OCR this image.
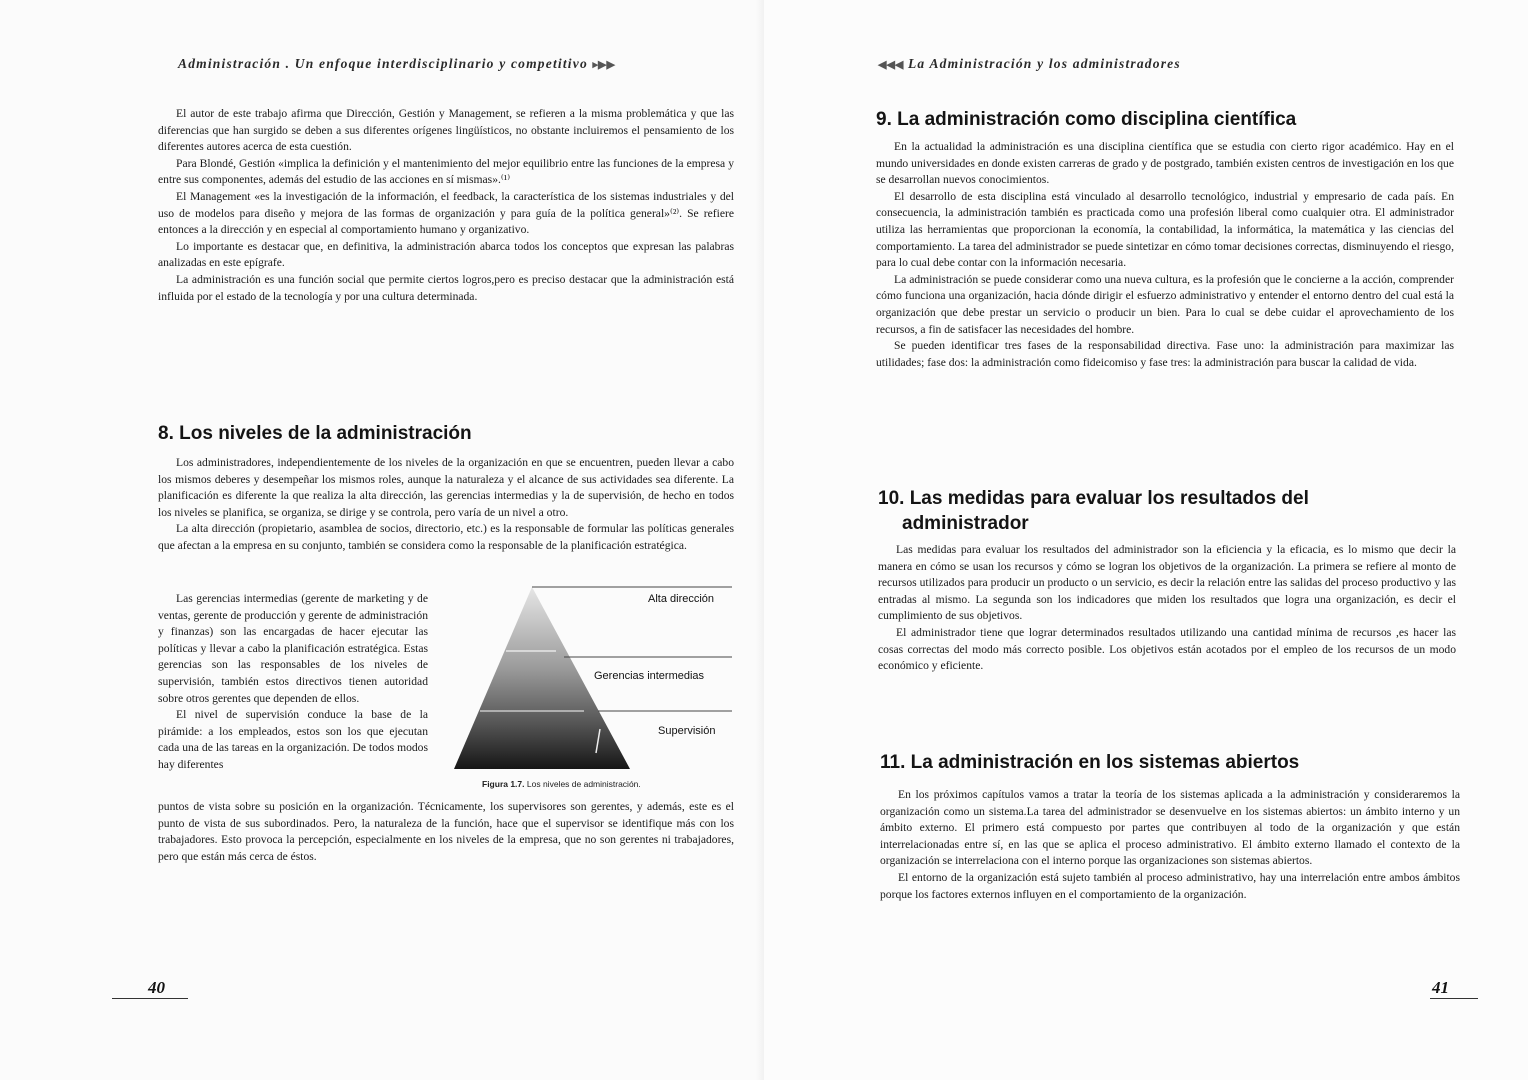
Administración . Un enfoque interdisciplinario y competitivo ▸▶▶

El autor de este trabajo afirma que Dirección, Gestión y Management, se refieren a la misma problemática y que las diferencias que han surgido se deben a sus diferentes orígenes lingüísticos, no obstante incluiremos el pensamiento de los diferentes autores acerca de esta cuestión.

Para Blondé, Gestión «implica la definición y el mantenimiento del mejor equilibrio entre las funciones de la empresa y entre sus componentes, además del estudio de las acciones en sí mismas».⁽¹⁾

El Management «es la investigación de la información, el feedback, la característica de los sistemas industriales y del uso de modelos para diseño y mejora de las formas de organización y para guía de la política general»⁽²⁾. Se refiere entonces a la dirección y en especial al comportamiento humano y organizativo.

Lo importante es destacar que, en definitiva, la administración abarca todos los conceptos que expresan las palabras analizadas en este epígrafe.

La administración es una función social que permite ciertos logros,pero es preciso destacar que la administración está influida por el estado de la tecnología y por una cultura determinada.

8. Los niveles de la administración

Los administradores, independientemente de los niveles de la organización en que se encuentren, pueden llevar a cabo los mismos deberes y desempeñar los mismos roles, aunque la naturaleza y el alcance de sus actividades sea diferente. La planificación es diferente la que realiza la alta dirección, las gerencias intermedias y la de supervisión, de hecho en todos los niveles se planifica, se organiza, se dirige y se controla, pero varía de un nivel a otro.

La alta dirección (propietario, asamblea de socios, directorio, etc.) es la responsable de formular las políticas generales que afectan a la empresa en su conjunto, también se considera como la responsable de la planificación estratégica.

Las gerencias intermedias (gerente de marketing y de ventas, gerente de producción y gerente de administración y finanzas) son las encargadas de hacer ejecutar las políticas y llevar a cabo la planificación estratégica. Estas gerencias son las responsables de los niveles de supervisión, también estos directivos tienen autoridad sobre otros gerentes que dependen de ellos.

El nivel de supervisión conduce la base de la pirámide: a los empleados, estos son los que ejecutan cada una de las tareas en la organización. De todos modos hay diferentes

Alta dirección
Gerencias intermedias
Supervisión
Figura 1.7. Los niveles de administración.

puntos de vista sobre su posición en la organización. Técnicamente, los supervisores son gerentes, y además, este es el punto de vista de sus subordinados. Pero, la naturaleza de la función, hace que el supervisor se identifique más con los trabajadores. Esto provoca la percepción, especialmente en los niveles de la empresa, que no son gerentes ni trabajadores, pero que están más cerca de éstos.

40
◀◀◀ La Administración y los administradores
9. La administración como disciplina científica

En la actualidad la administración es una disciplina científica que se estudia con cierto rigor académico. Hay en el mundo universidades en donde existen carreras de grado y de postgrado, también existen centros de investigación en los que se desarrollan nuevos conocimientos.

El desarrollo de esta disciplina está vinculado al desarrollo tecnológico, industrial y empresario de cada país. En consecuencia, la administración también es practicada como una profesión liberal como cualquier otra. El administrador utiliza las herramientas que proporcionan la economía, la contabilidad, la informática, la matemática y las ciencias del comportamiento. La tarea del administrador se puede sintetizar en cómo tomar decisiones correctas, disminuyendo el riesgo, para lo cual debe contar con la información necesaria.

La administración se puede considerar como una nueva cultura, es la profesión que le concierne a la acción, comprender cómo funciona una organización, hacia dónde dirigir el esfuerzo administrativo y entender el entorno dentro del cual está la organización que debe prestar un servicio o producir un bien. Para lo cual se debe cuidar el aprovechamiento de los recursos, a fin de satisfacer las necesidades del hombre.

Se pueden identificar tres fases de la responsabilidad directiva. Fase uno: la administración para maximizar las utilidades; fase dos: la administración como fideicomiso y fase tres: la administración para buscar la calidad de vida.

10. Las medidas para evaluar los resultados del
administrador

Las medidas para evaluar los resultados del administrador son la eficiencia y la eficacia, es lo mismo que decir la manera en cómo se usan los recursos y cómo se logran los objetivos de la organización. La primera se refiere al monto de recursos utilizados para producir un producto o un servicio, es decir la relación entre las salidas del proceso productivo y las entradas al mismo. La segunda son los indicadores que miden los resultados que logra una organización, es decir el cumplimiento de sus objetivos.

El administrador tiene que lograr determinados resultados utilizando una cantidad mínima de recursos ,es hacer las cosas correctas del modo más correcto posible. Los objetivos están acotados por el empleo de los recursos de un modo económico y eficiente.

11. La administración en los sistemas abiertos

En los próximos capítulos vamos a tratar la teoría de los sistemas aplicada a la administración y consideraremos la organización como un sistema.La tarea del administrador se desenvuelve en los sistemas abiertos: un ámbito interno y un ámbito externo. El primero está compuesto por partes que contribuyen al todo de la organización y que están interrelacionadas entre sí, en las que se aplica el proceso administrativo. El ámbito externo llamado el contexto de la organización se interrelaciona con el interno porque las organizaciones son sistemas abiertos.

El entorno de la organización está sujeto también al proceso administrativo, hay una interrelación entre ambos ámbitos porque los factores externos influyen en el comportamiento de la organización.

41
